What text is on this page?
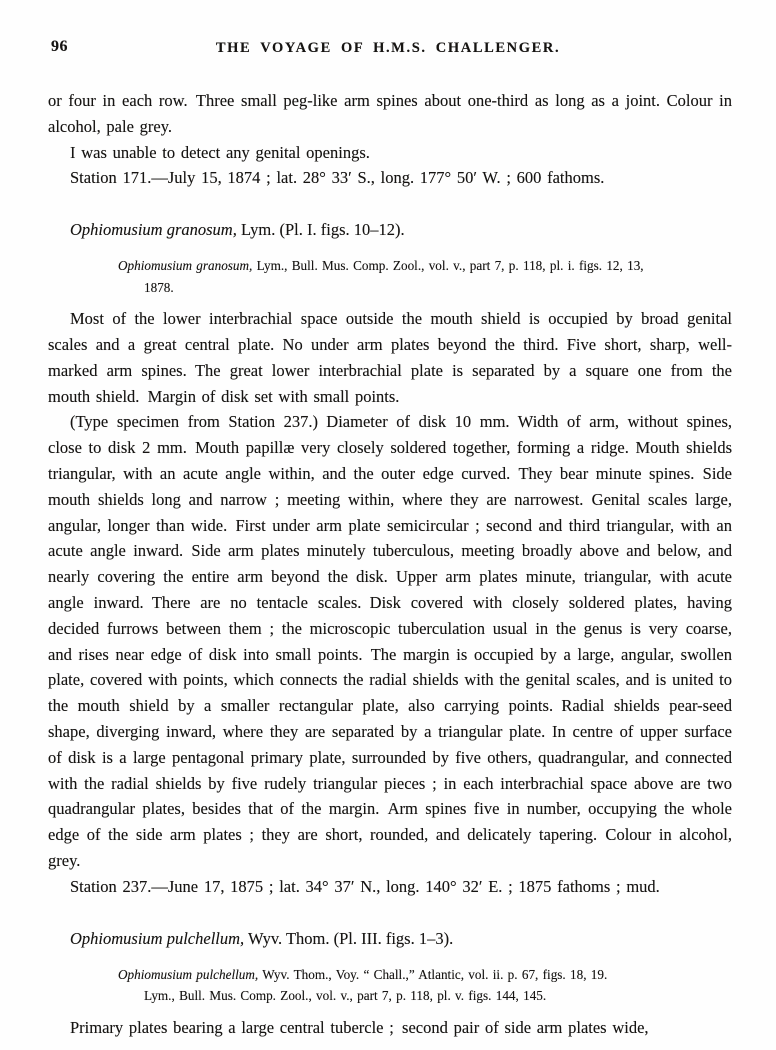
96	THE VOYAGE OF H.M.S. CHALLENGER.

or four in each row. Three small peg-like arm spines about one-third as long as a joint. Colour in alcohol, pale grey.

I was unable to detect any genital openings.

Station 171.—July 15, 1874 ; lat. 28° 33′ S., long. 177° 50′ W. ; 600 fathoms.

Ophiomusium granosum, Lym. (Pl. I. figs. 10–12).
Ophiomusium granosum, Lym., Bull. Mus. Comp. Zool., vol. v., part 7, p. 118, pl. i. figs. 12, 13,
1878.

Most of the lower interbrachial space outside the mouth shield is occupied by broad genital scales and a great central plate. No under arm plates beyond the third. Five short, sharp, well-marked arm spines. The great lower interbrachial plate is separated by a square one from the mouth shield. Margin of disk set with small points.

(Type specimen from Station 237.) Diameter of disk 10 mm. Width of arm, without spines, close to disk 2 mm. Mouth papillæ very closely soldered together, forming a ridge. Mouth shields triangular, with an acute angle within, and the outer edge curved. They bear minute spines. Side mouth shields long and narrow ; meeting within, where they are narrowest. Genital scales large, angular, longer than wide. First under arm plate semicircular ; second and third triangular, with an acute angle inward. Side arm plates minutely tuberculous, meeting broadly above and below, and nearly covering the entire arm beyond the disk. Upper arm plates minute, triangular, with acute angle inward. There are no tentacle scales. Disk covered with closely soldered plates, having decided furrows between them ; the microscopic tuberculation usual in the genus is very coarse, and rises near edge of disk into small points. The margin is occupied by a large, angular, swollen plate, covered with points, which connects the radial shields with the genital scales, and is united to the mouth shield by a smaller rectangular plate, also carrying points. Radial shields pear-seed shape, diverging inward, where they are separated by a triangular plate. In centre of upper surface of disk is a large pentagonal primary plate, surrounded by five others, quadrangular, and connected with the radial shields by five rudely triangular pieces ; in each interbrachial space above are two quadrangular plates, besides that of the margin. Arm spines five in number, occupying the whole edge of the side arm plates ; they are short, rounded, and delicately tapering. Colour in alcohol, grey.

Station 237.—June 17, 1875 ; lat. 34° 37′ N., long. 140° 32′ E. ; 1875 fathoms ; mud.

Ophiomusium pulchellum, Wyv. Thom. (Pl. III. figs. 1–3).
Ophiomusium pulchellum, Wyv. Thom., Voy. “ Chall.,” Atlantic, vol. ii. p. 67, figs. 18, 19.
Lym., Bull. Mus. Comp. Zool., vol. v., part 7, p. 118, pl. v. figs. 144, 145.

Primary plates bearing a large central tubercle ; second pair of side arm plates wide,
